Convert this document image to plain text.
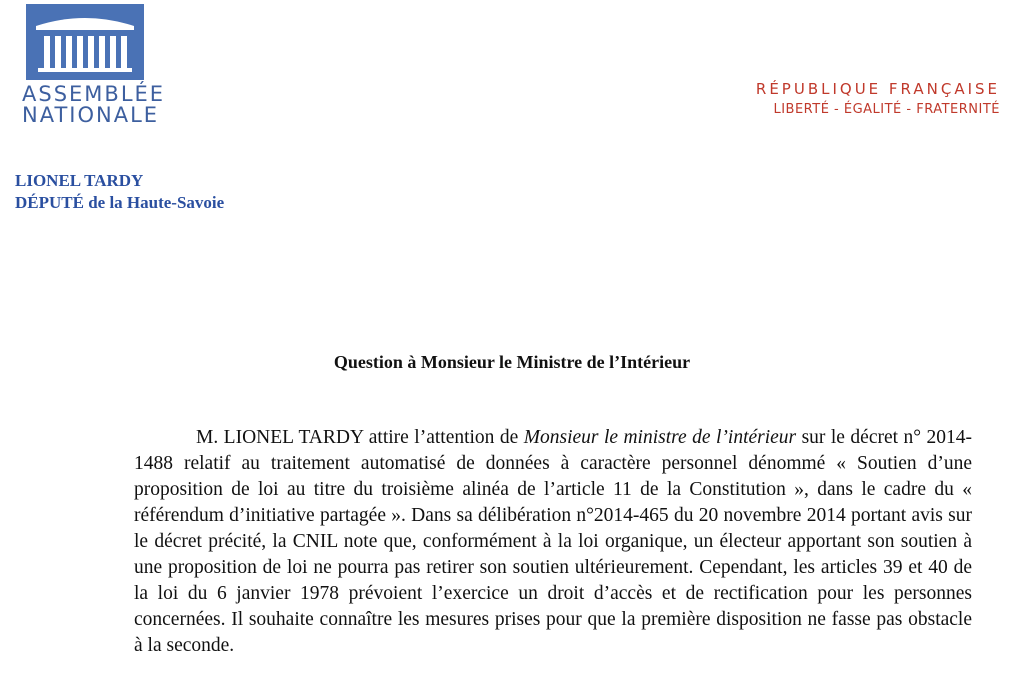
ASSEMBLÉE
NATIONALE
RÉPUBLIQUE FRANÇAISE
LIBERTÉ - ÉGALITÉ - FRATERNITÉ
LIONEL TARDY
DÉPUTÉ de la Haute-Savoie
Question à Monsieur le Ministre de l’Intérieur

M. LIONEL TARDY attire l’attention de Monsieur le ministre de l’intérieur sur le décret n° 2014-1488 relatif au traitement automatisé de données à caractère personnel dénommé « Soutien d’une proposition de loi au titre du troisième alinéa de l’article 11 de la Constitution », dans le cadre du « référendum d’initiative partagée ». Dans sa délibération n°2014-465 du 20 novembre 2014 portant avis sur le décret précité, la CNIL note que, conformément à la loi organique, un électeur apportant son soutien à une proposition de loi ne pourra pas retirer son soutien ultérieurement. Cependant, les articles 39 et 40 de la loi du 6 janvier 1978 prévoient l’exercice un droit d’accès et de rectification pour les personnes concernées. Il souhaite connaître les mesures prises pour que la première disposition ne fasse pas obstacle à la seconde.
